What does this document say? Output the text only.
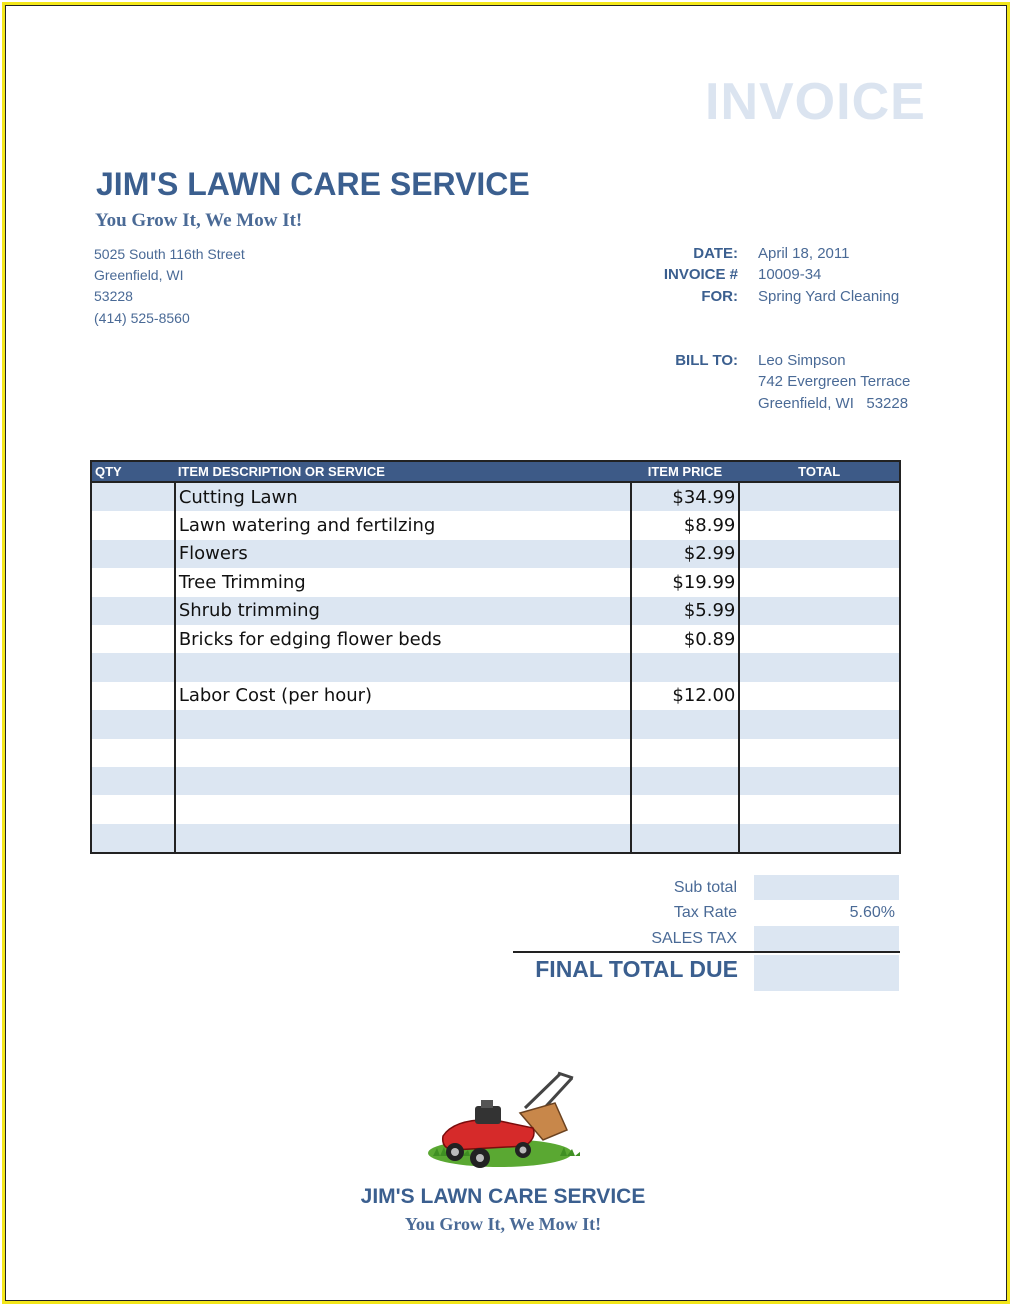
INVOICE
JIM'S LAWN CARE SERVICE
You Grow It, We Mow It!
5025 South 116th Street
Greenfield, WI
53228
(414) 525-8560
DATE: April 18, 2011
INVOICE # 10009-34
FOR: Spring Yard Cleaning
BILL TO: Leo Simpson
742 Evergreen Terrace
Greenfield, WI   53228
QTY	ITEM DESCRIPTION OR SERVICE	ITEM PRICE	TOTAL
	Cutting Lawn	$34.99	
	Lawn watering and fertilzing	$8.99	
	Flowers	$2.99	
	Tree Trimming	$19.99	
	Shrub trimming	$5.99	
	Bricks for edging flower beds	$0.89	

	Labor Cost (per hour)	$12.00	

Sub total
Tax Rate	5.60%
SALES TAX
FINAL TOTAL DUE
JIM'S LAWN CARE SERVICE
You Grow It, We Mow It!
